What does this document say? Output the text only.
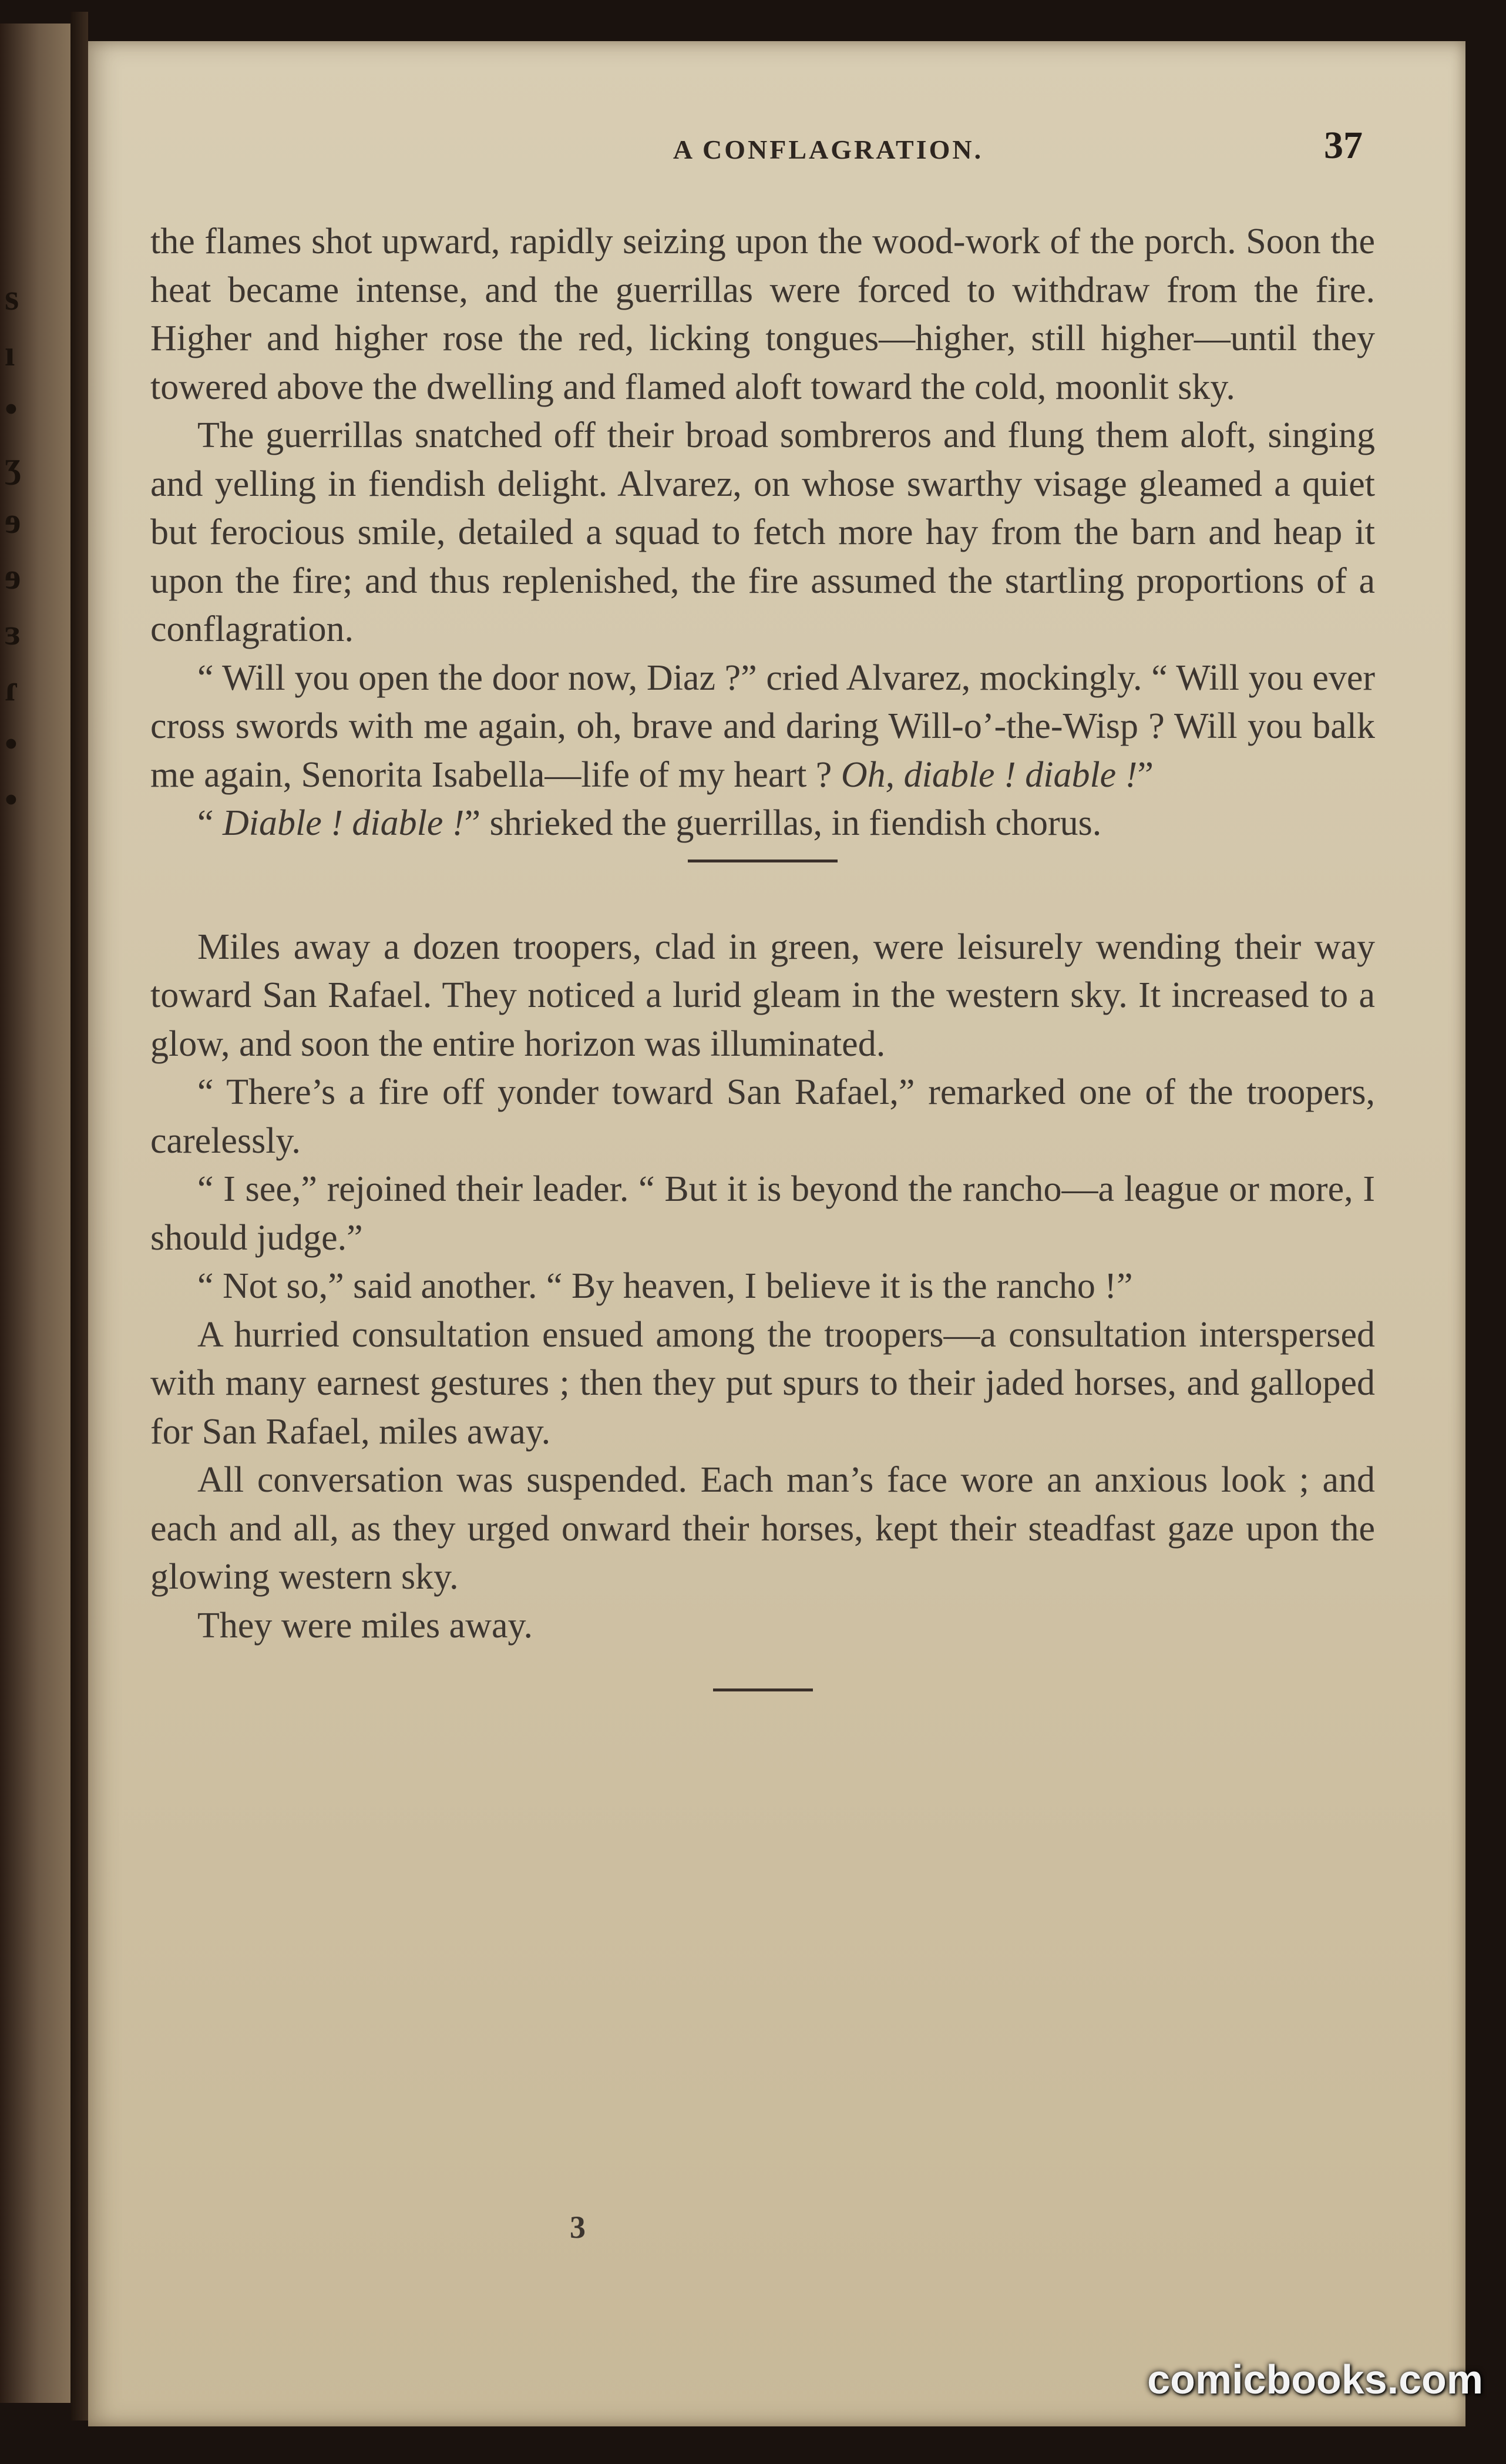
s
ı
•
ʒ
ɘ
ɘ
ɜ
ɾ
•
•
A CONFLAGRATION.	37

the flames shot upward, rapidly seizing upon the wood-work of the porch. Soon the heat became intense, and the guerrillas were forced to withdraw from the fire. Higher and higher rose the red, licking tongues—higher, still higher—until they towered above the dwelling and flamed aloft toward the cold, moonlit sky.

The guerrillas snatched off their broad sombreros and flung them aloft, singing and yelling in fiendish delight. Alvarez, on whose swarthy visage gleamed a quiet but ferocious smile, detailed a squad to fetch more hay from the barn and heap it upon the fire; and thus replenished, the fire assumed the startling proportions of a conflagration.

“ Will you open the door now, Diaz ?” cried Alvarez, mockingly. “ Will you ever cross swords with me again, oh, brave and daring Will-o’-the-Wisp ? Will you balk me again, Senorita Isabella—life of my heart ? Oh, diable ! diable !”

“ Diable ! diable !” shrieked the guerrillas, in fiendish chorus.

Miles away a dozen troopers, clad in green, were leisurely wending their way toward San Rafael. They noticed a lurid gleam in the western sky. It increased to a glow, and soon the entire horizon was illuminated.

“ There’s a fire off yonder toward San Rafael,” remarked one of the troopers, carelessly.

“ I see,” rejoined their leader. “ But it is beyond the rancho—a league or more, I should judge.”

“ Not so,” said another. “ By heaven, I believe it is the rancho !”

A hurried consultation ensued among the troopers—a consultation interspersed with many earnest gestures ; then they put spurs to their jaded horses, and galloped for San Rafael, miles away.

All conversation was suspended. Each man’s face wore an anxious look ; and each and all, as they urged onward their horses, kept their steadfast gaze upon the glowing western sky.

They were miles away.

3
comicbooks.com
